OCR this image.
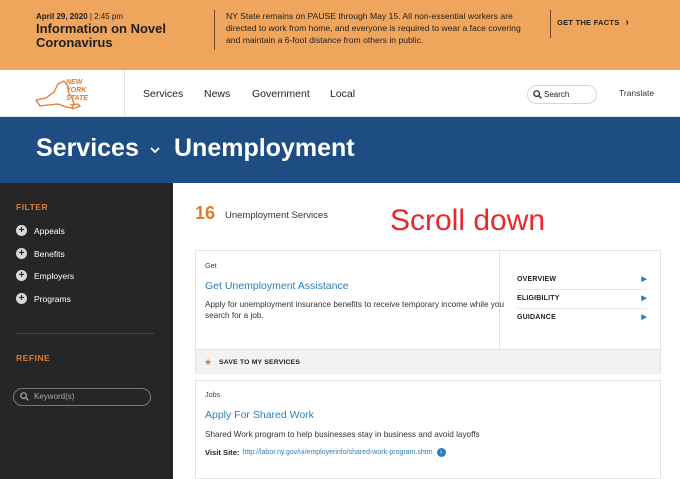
April 29, 2020 | 2:45 pm
Information on Novel Coronavirus
NY State remains on PAUSE through May 15. All non-essential workers are directed to work from home, and everyone is required to wear a face covering and maintain a 6-foot distance from others in public.
GET THE FACTS ›
NEW
YORK
STATE	Services News Government Local	Search	Translate
Services Unemployment
FILTER
+	Appeals
+	Benefits
+	Employers
+	Programs
REFINE
Keyword(s)
16 Unemployment Services Scroll down
Get
Get Unemployment Assistance
Apply for unemployment insurance benefits to receive temporary income while you search for a job.
OVERVIEW	▶
ELIGIBILITY	▶
GUIDANCE	▶
★ SAVE TO MY SERVICES
Jobs
Apply For Shared Work
Shared Work program to help businesses stay in business and avoid layoffs
Visit Site: http://labor.ny.gov/ui/employerinfo/shared-work-program.shtm	›
